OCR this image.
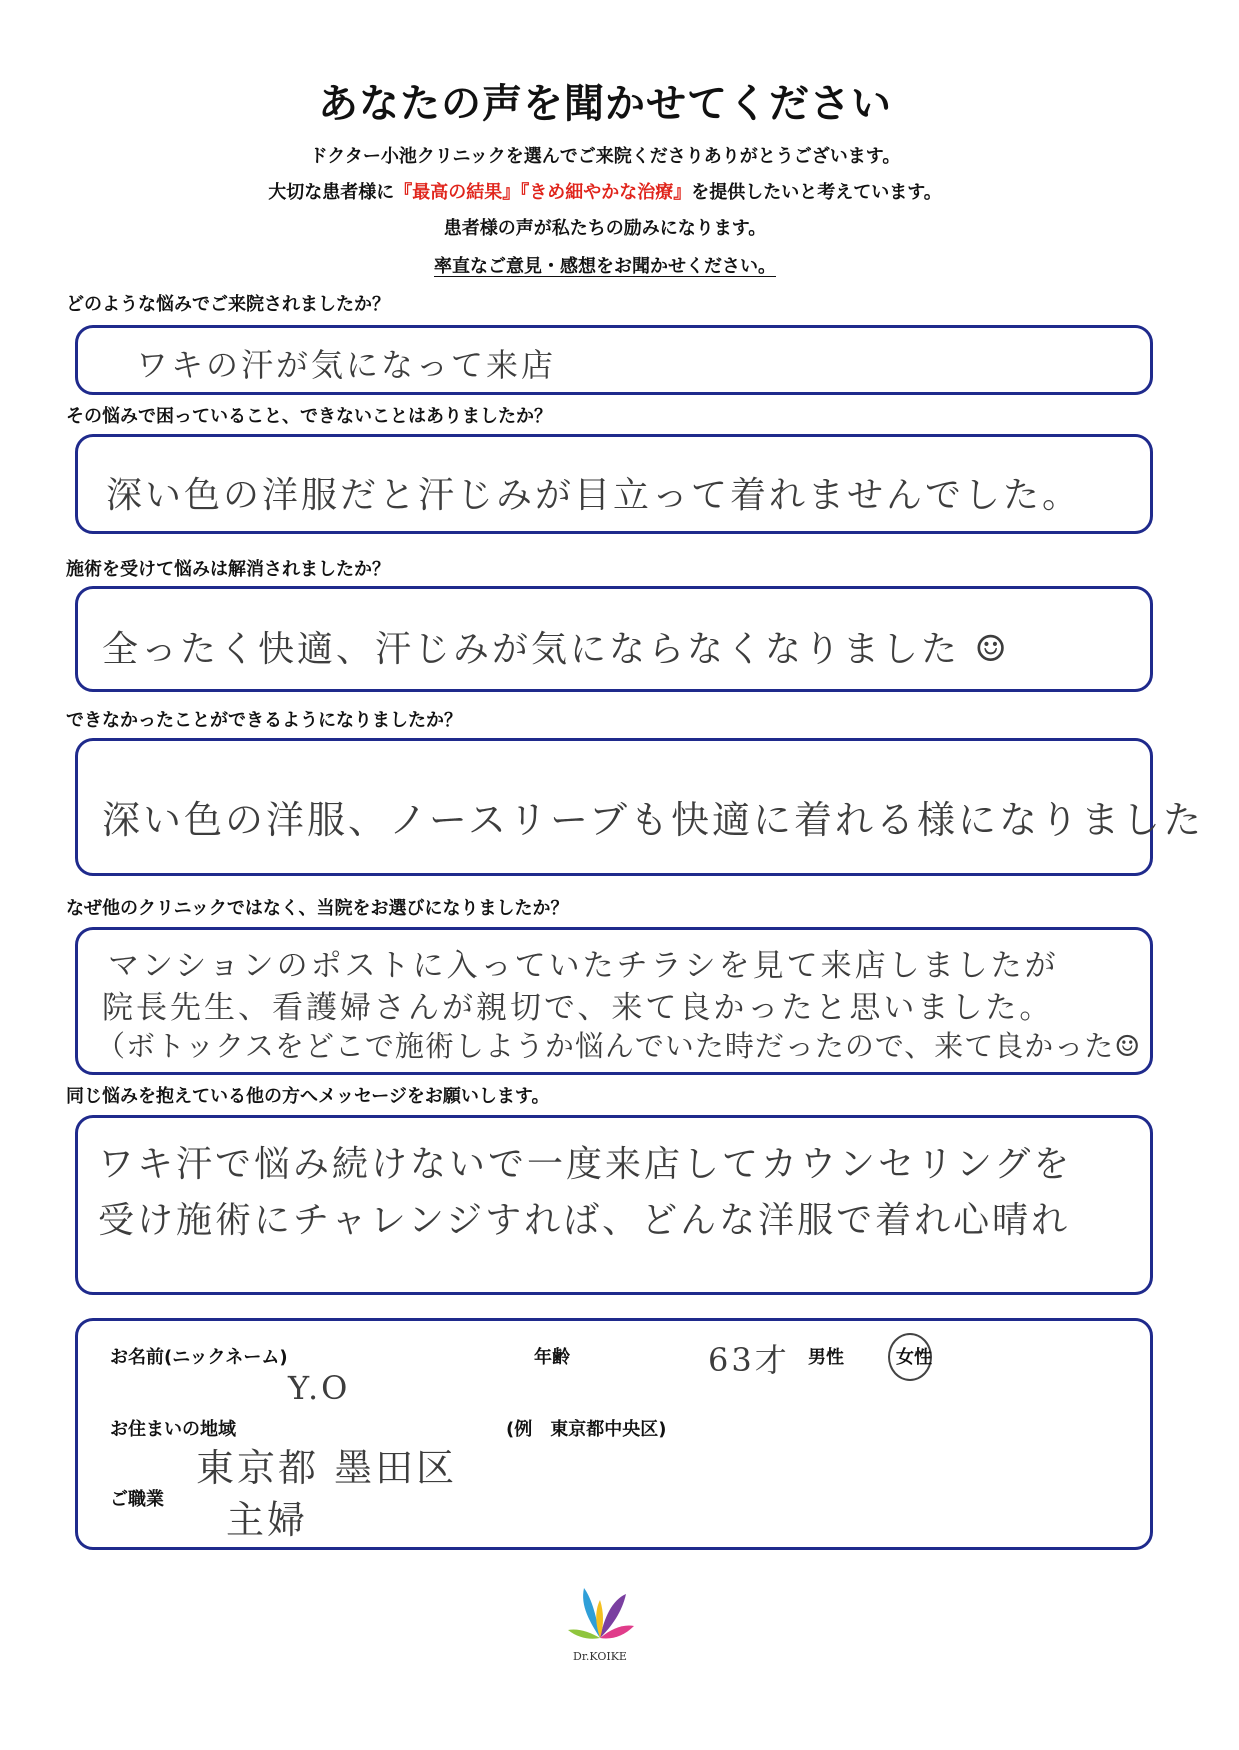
あなたの声を聞かせてください
ドクター小池クリニックを選んでご来院くださりありがとうございます。
大切な患者様に『最高の結果』『きめ細やかな治療』を提供したいと考えています。
患者様の声が私たちの励みになります。
率直なご意見・感想をお聞かせください。
どのような悩みでご来院されましたか？
ワキの汗が気になって来店
その悩みで困っていること、できないことはありましたか？
深い色の洋服だと汗じみが目立って着れませんでした。
施術を受けて悩みは解消されましたか？
全ったく快適、汗じみが気にならなくなりました ☺
できなかったことができるようになりましたか？
深い色の洋服、ノースリーブも快適に着れる様になりました
なぜ他のクリニックではなく、当院をお選びになりましたか？
マンションのポストに入っていたチラシを見て来店しましたが
院長先生、看護婦さんが親切で、来て良かったと思いました。
（ボトックスをどこで施術しようか悩んでいた時だったので、来て良かった☺
同じ悩みを抱えている他の方へメッセージをお願いします。
ワキ汗で悩み続けないで一度来店してカウンセリングを
受け施術にチャレンジすれば、どんな洋服で着れ心晴れ
お名前(ニックネーム)
Y.O
年齢	63才 男性	女性
お住まいの地域	(例　東京都中央区)
東京都 墨田区
ご職業 主婦
Dr.KOIKE
